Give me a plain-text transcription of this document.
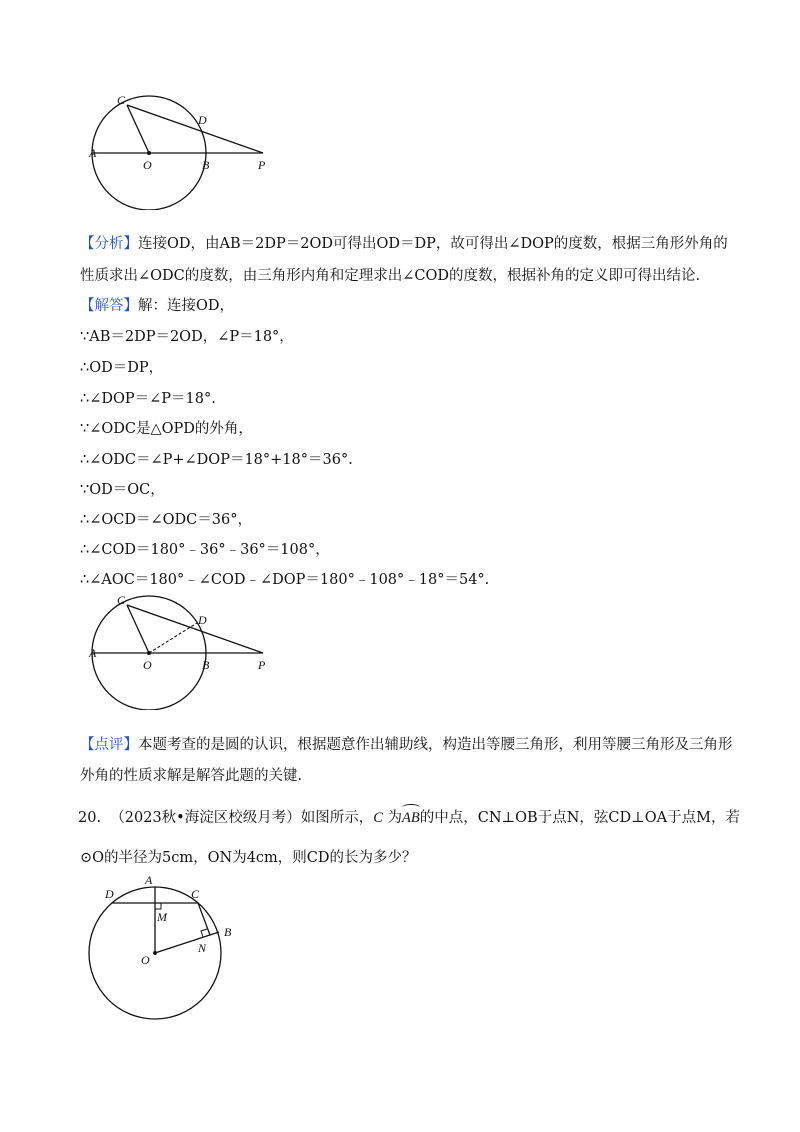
C
D
A
O	B	P
【分析】连接OD，由AB＝2DP＝2OD可得出OD＝DP，故可得出∠DOP的度数，根据三角形外角的
性质求出∠ODC的度数，由三角形内角和定理求出∠COD的度数，根据补角的定义即可得出结论.
【解答】解：连接OD，
∵AB＝2DP＝2OD，∠P＝18°，
∴OD＝DP，
∴∠DOP＝∠P＝18°.
∵∠ODC是△OPD的外角，
∴∠ODC＝∠P+∠DOP＝18°+18°＝36°.
∵OD＝OC，
∴∠OCD＝∠ODC＝36°，
∴∠COD＝180°﹣36°﹣36°＝108°，
∴∠AOC＝180°﹣∠COD﹣∠DOP＝180°﹣108°﹣18°＝54°.
C
D
A
O	B	P
【点评】本题考查的是圆的认识，根据题意作出辅助线，构造出等腰三角形，利用等腰三角形及三角形
外角的性质求解是解答此题的关键.
20. （2023秋•海淀区校级月考）如图所示，C 为AB的中点，CN⊥OB于点N，弦CD⊥OA于点M，若
⊙O的半径为5cm，ON为4cm，则CD的长为多少？
A
D	C
M
B
N
O
